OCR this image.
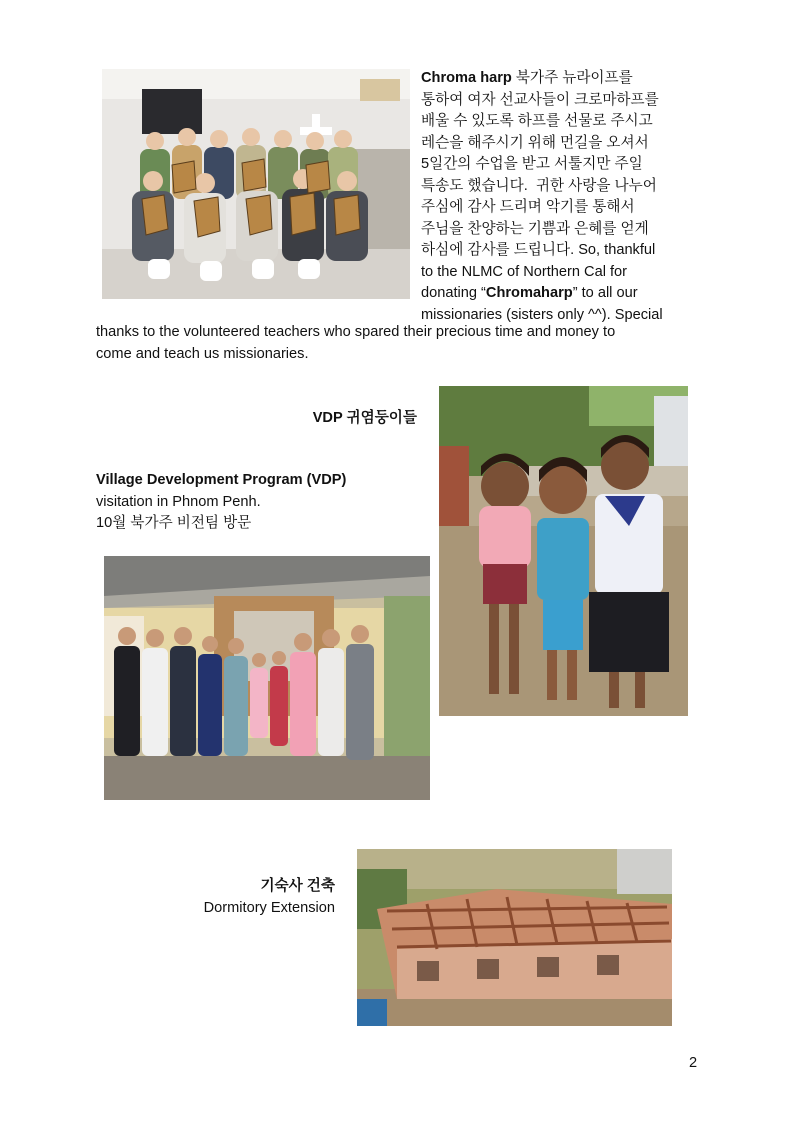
Chroma harp 북가주 뉴라이프를
통하여 여자 선교사들이 크로마하프를
배울 수 있도록 하프를 선물로 주시고
레슨을 해주시기 위해 먼길을 오셔서
5일간의 수업을 받고 서툴지만 주일
특송도 했습니다.  귀한 사랑을 나누어
주심에 감사 드리며 악기를 통해서
주님을 찬양하는 기쁨과 은혜를 얻게
하심에 감사를 드립니다. So, thankful
to the NLMC of Northern Cal for
donating “Chromaharp” to all our
missionaries (sisters only ^^). Special
thanks to the volunteered teachers who spared their precious time and money to
come and teach us missionaries.
VDP 귀염둥이들
Village Development Program (VDP)
visitation in Phnom Penh.
10월 북가주 비전팀 방문
기숙사 건축
Dormitory Extension
2
